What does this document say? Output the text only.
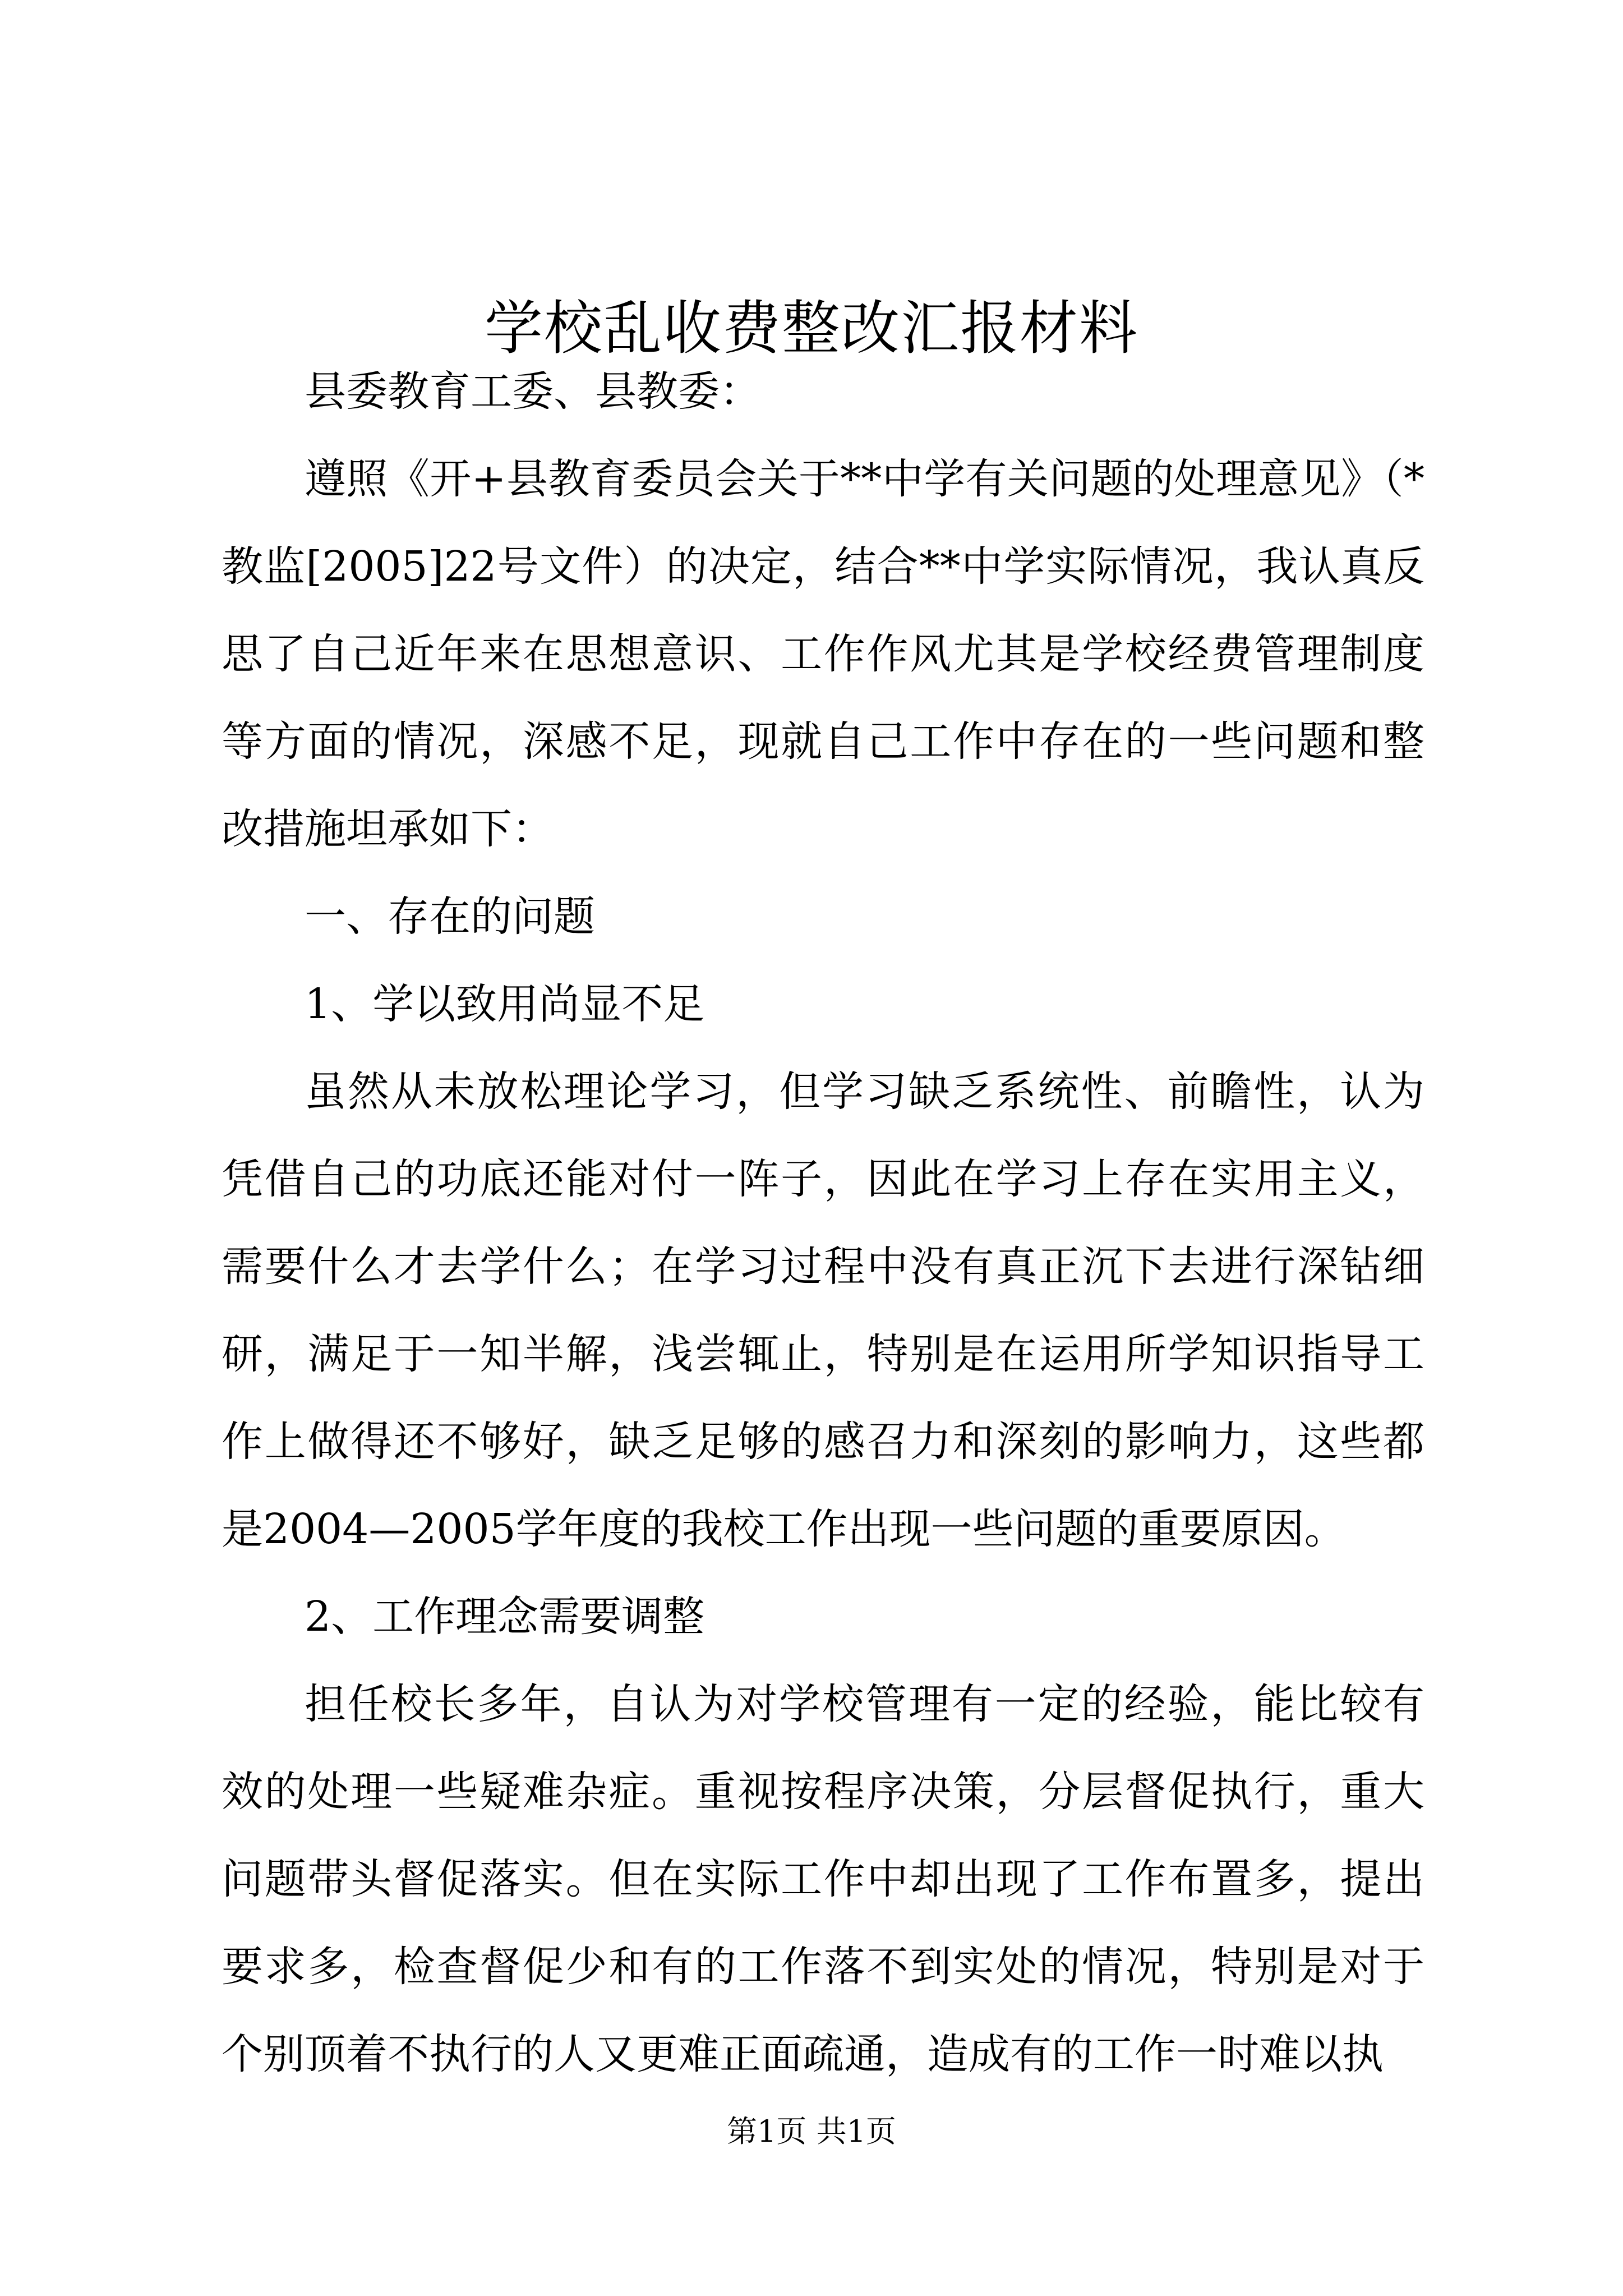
学校乱收费整改汇报材料

县委教育工委、县教委：

遵照《开+县教育委员会关于**中学有关问题的处理意见》（*教监[2005]22号文件）的决定，结合**中学实际情况，我认真反思了自己近年来在思想意识、工作作风尤其是学校经费管理制度等方面的情况，深感不足，现就自己工作中存在的一些问题和整改措施坦承如下：

一、存在的问题

1、学以致用尚显不足

虽然从未放松理论学习，但学习缺乏系统性、前瞻性，认为凭借自己的功底还能对付一阵子，因此在学习上存在实用主义，需要什么才去学什么；在学习过程中没有真正沉下去进行深钻细研，满足于一知半解，浅尝辄止，特别是在运用所学知识指导工作上做得还不够好，缺乏足够的感召力和深刻的影响力，这些都是2004—2005学年度的我校工作出现一些问题的重要原因。

2、工作理念需要调整

担任校长多年，自认为对学校管理有一定的经验，能比较有效的处理一些疑难杂症。重视按程序决策，分层督促执行，重大问题带头督促落实。但在实际工作中却出现了工作布置多，提出要求多，检查督促少和有的工作落不到实处的情况，特别是对于个别顶着不执行的人又更难正面疏通，造成有的工作一时难以执

第1页 共1页
